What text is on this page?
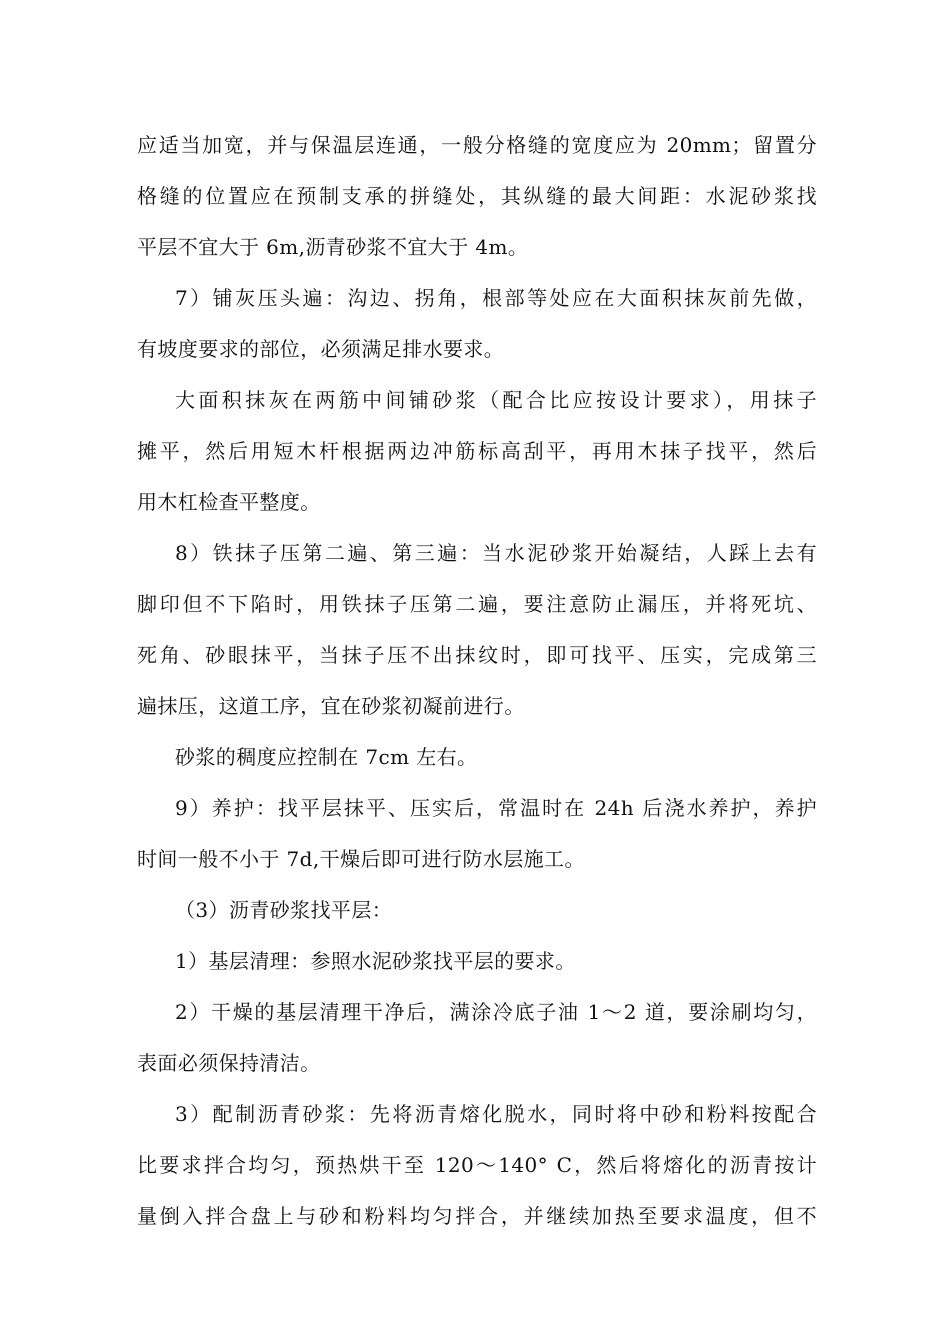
应适当加宽，并与保温层连通，一般分格缝的宽度应为 20mm；留置分
格缝的位置应在预制支承的拼缝处，其纵缝的最大间距：水泥砂浆找
平层不宜大于 6m,沥青砂浆不宜大于 4m。
7）铺灰压头遍：沟边、拐角，根部等处应在大面积抹灰前先做，
有坡度要求的部位，必须满足排水要求。
大面积抹灰在两筋中间铺砂浆（配合比应按设计要求），用抹子
摊平，然后用短木杆根据两边冲筋标高刮平，再用木抹子找平，然后
用木杠检查平整度。
8）铁抹子压第二遍、第三遍：当水泥砂浆开始凝结，人踩上去有
脚印但不下陷时，用铁抹子压第二遍，要注意防止漏压，并将死坑、
死角、砂眼抹平，当抹子压不出抹纹时，即可找平、压实，完成第三
遍抹压，这道工序，宜在砂浆初凝前进行。
砂浆的稠度应控制在 7cm 左右。
9）养护：找平层抹平、压实后，常温时在 24h 后浇水养护，养护
时间一般不小于 7d,干燥后即可进行防水层施工。
（3）沥青砂浆找平层：
1）基层清理：参照水泥砂浆找平层的要求。
2）干燥的基层清理干净后，满涂冷底子油 1～2 道，要涂刷均匀，
表面必须保持清洁。
3）配制沥青砂浆：先将沥青熔化脱水，同时将中砂和粉料按配合
比要求拌合均匀，预热烘干至 120～140° C，然后将熔化的沥青按计
量倒入拌合盘上与砂和粉料均匀拌合，并继续加热至要求温度，但不
